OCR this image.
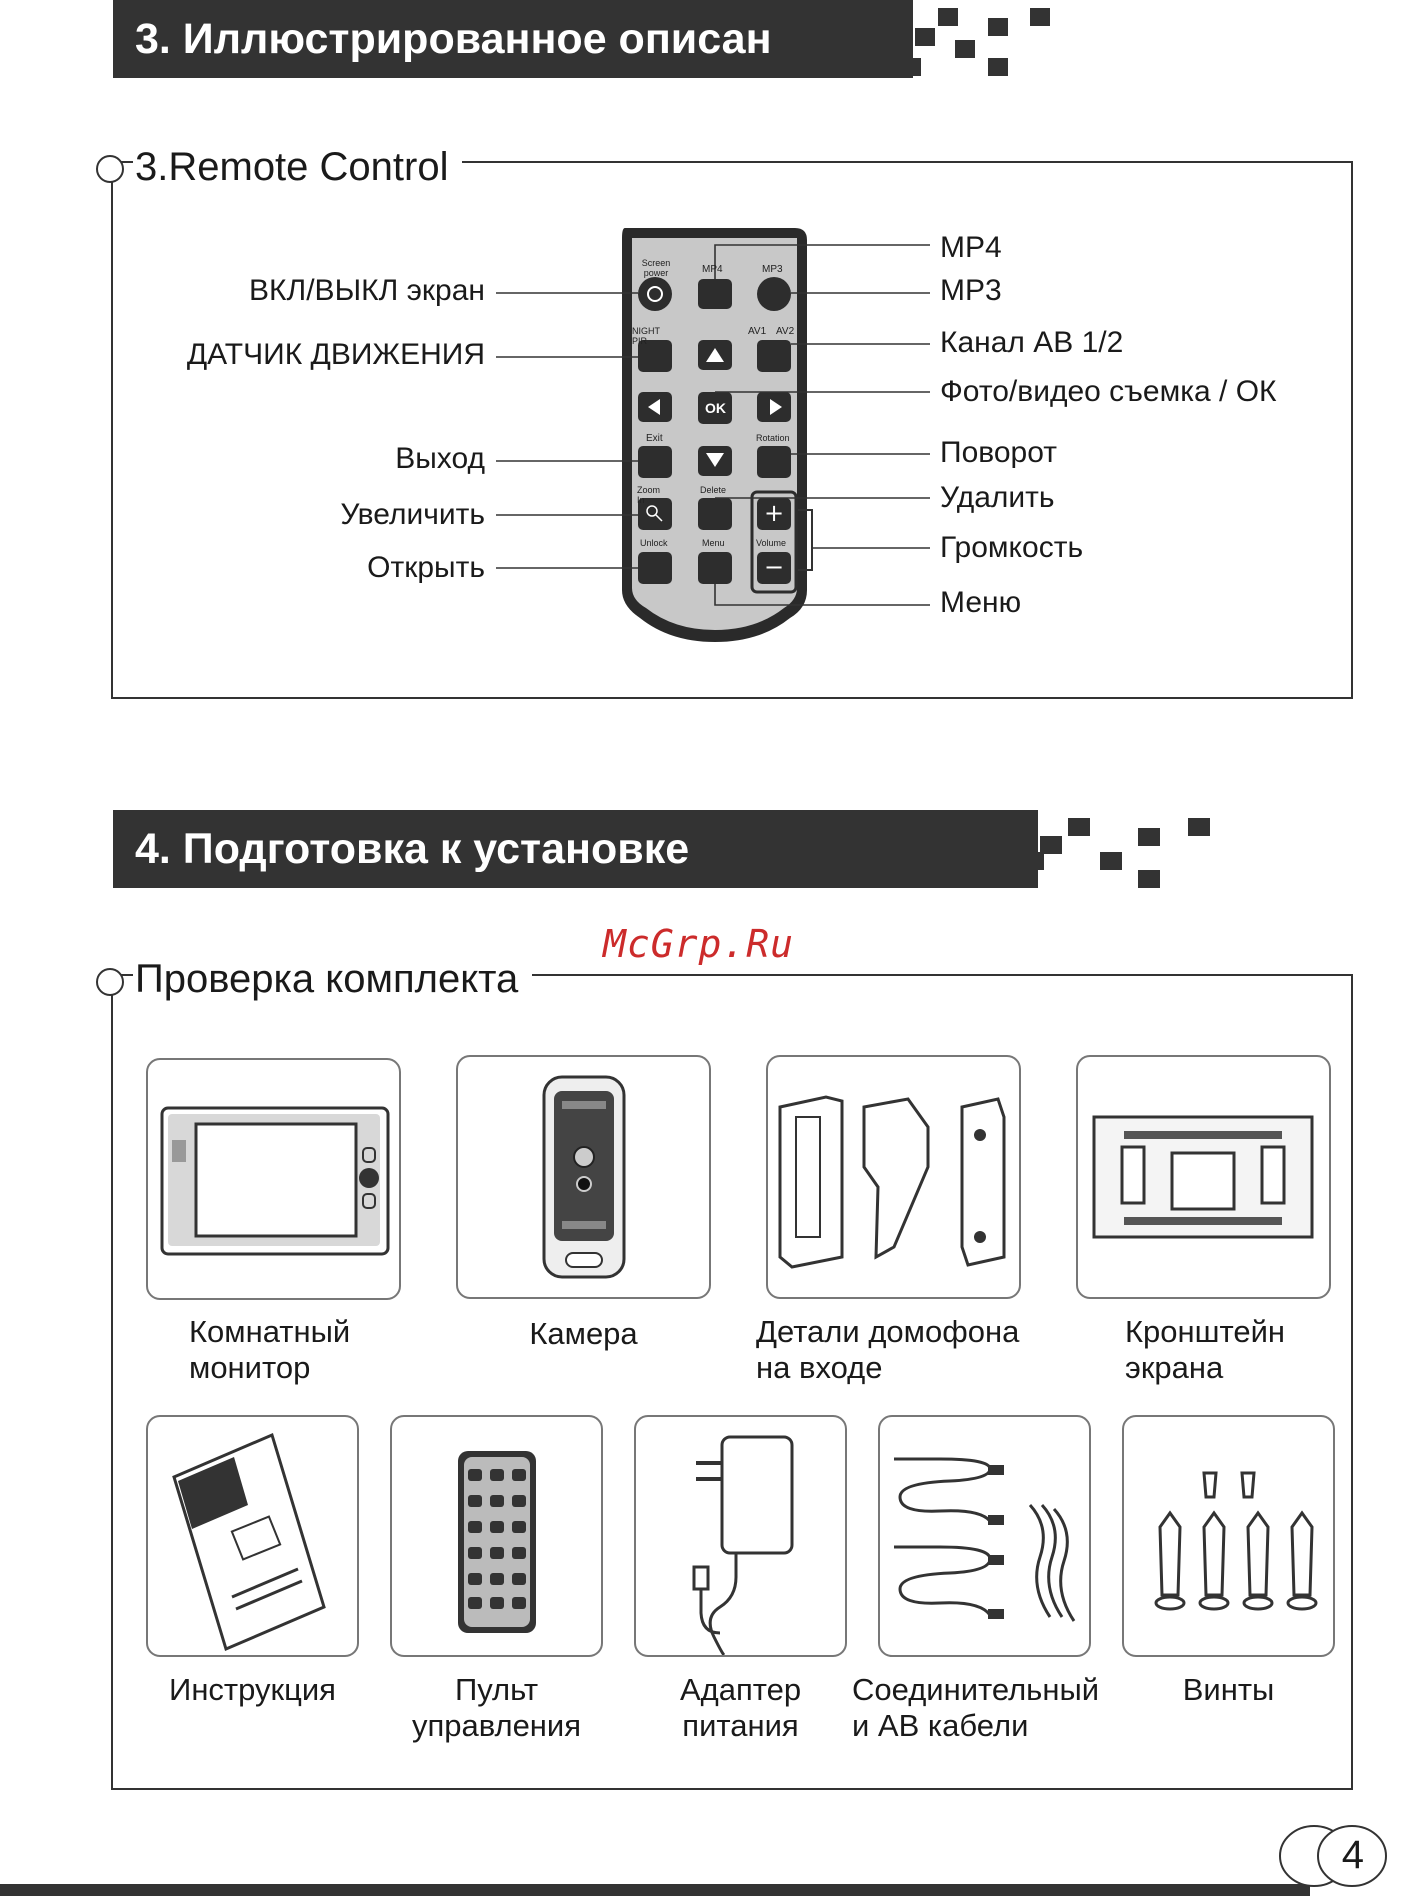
3. Иллюстрированное описан
3.Remote Control
+
−
Screen power	MP4	MP3
NIGHT PIR
AV1 AV2
OK
Exit	Rotation
Zoom In
Delete
Volume
Unlock	Menu
ВКЛ/ВЫКЛ экран
ДАТЧИК ДВИЖЕНИЯ
Выход
Увеличить
Открыть
MP4
MP3
Канал АВ 1/2
Фото/видео съемка / ОК
Поворот
Удалить
Громкость
Меню
4. Подготовка к установке
McGrp.Ru
Проверка комплекта
Комнатный
монитор
Камера	Детали домофона
на входе
Кронштейн
экрана
Инструкция	Пульт
управления
Адаптер
питания
Соединительный
и АВ кабели
Винты
4
